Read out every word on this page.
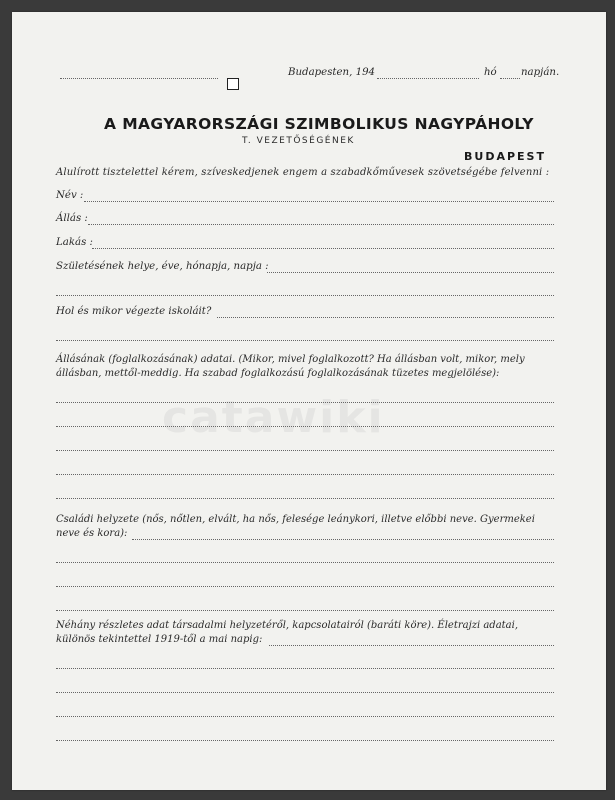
catawiki
Budapesten, 194	hó napján.
A MAGYARORSZÁGI SZIMBOLIKUS NAGYPÁHOLY
T. VEZETŐSÉGÉNEK
BUDAPEST
Alulírott tisztelettel kérem, szíveskedjenek engem a szabadkőművesek szövetségébe felvenni :
Név :
Állás :
Lakás :
Születésének helye, éve, hónapja, napja :
Hol és mikor végezte iskoláit?
Állásának (foglalkozásának) adatai. (Mikor, mivel foglalkozott? Ha állásban volt, mikor, mely
állásban, mettől-meddig. Ha szabad foglalkozású foglalkozásának tüzetes megjelölése):
Családi helyzete (nős, nőtlen, elvált, ha nős, felesége leánykori, illetve előbbi neve. Gyermekei
neve és kora):
Néhány részletes adat társadalmi helyzetéről, kapcsolatairól (baráti köre). Életrajzi adatai,
különös tekintettel 1919-től a mai napig:
